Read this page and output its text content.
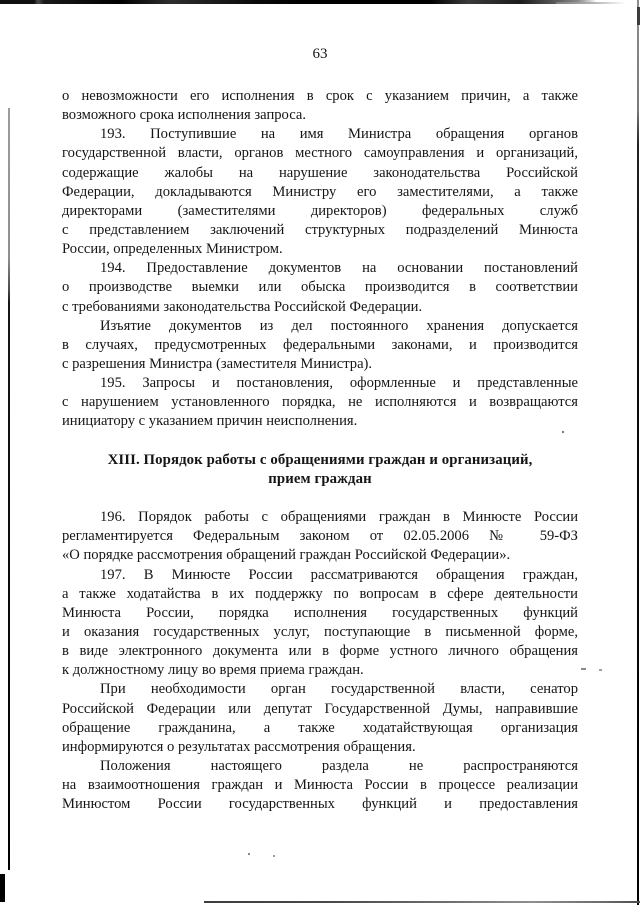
63
о невозможности его исполнения в срок с указанием причин, а также
возможного срока исполнения запроса.
193. Поступившие на имя Министра обращения органов
государственной власти, органов местного самоуправления и организаций,
содержащие жалобы на нарушение законодательства Российской
Федерации, докладываются Министру его заместителями, а также
директорами (заместителями директоров) федеральных служб
с представлением заключений структурных подразделений Минюста
России, определенных Министром.
194. Предоставление документов на основании постановлений
о производстве выемки или обыска производится в соответствии
с требованиями законодательства Российской Федерации.
Изъятие документов из дел постоянного хранения допускается
в случаях, предусмотренных федеральными законами, и производится
с разрешения Министра (заместителя Министра).
195. Запросы и постановления, оформленные и представленные
с нарушением установленного порядка, не исполняются и возвращаются
инициатору с указанием причин неисполнения.
XIII. Порядок работы с обращениями граждан и организаций,
прием граждан
196. Порядок работы с обращениями граждан в Минюсте России
регламентируется Федеральным законом от 02.05.2006 № 59-ФЗ
«О порядке рассмотрения обращений граждан Российской Федерации».
197. В Минюсте России рассматриваются обращения граждан,
а также ходатайства в их поддержку по вопросам в сфере деятельности
Минюста России, порядка исполнения государственных функций
и оказания государственных услуг, поступающие в письменной форме,
в виде электронного документа или в форме устного личного обращения
к должностному лицу во время приема граждан.
При необходимости орган государственной власти, сенатор
Российской Федерации или депутат Государственной Думы, направившие
обращение гражданина, а также ходатайствующая организация
информируются о результатах рассмотрения обращения.
Положения настоящего раздела не распространяются
на взаимоотношения граждан и Минюста России в процессе реализации
Минюстом России государственных функций и предоставления
